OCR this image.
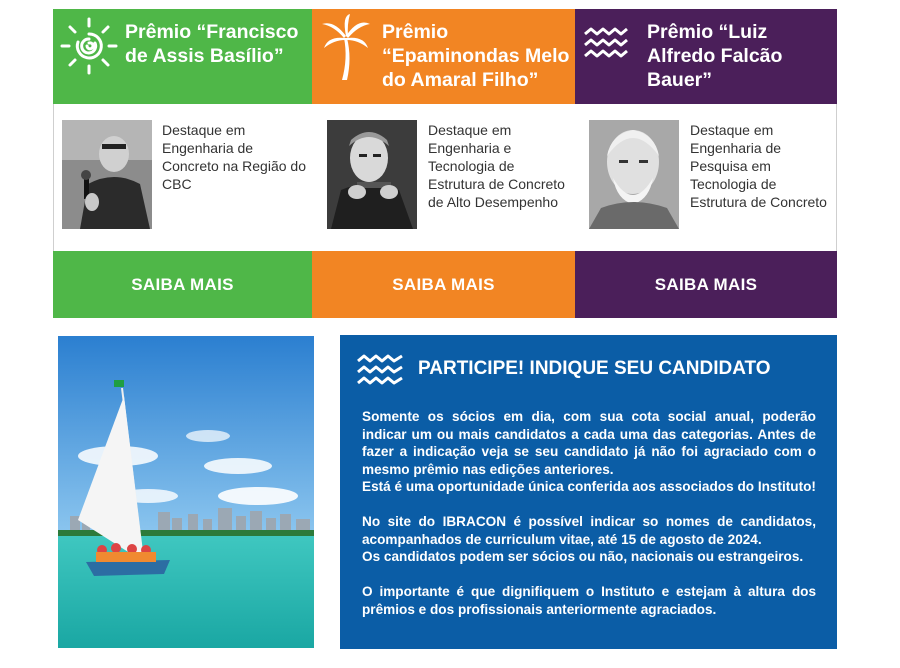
Prêmio “Francisco de Assis Basílio”
Destaque em Engenharia de Concreto na Região do CBC
SAIBA MAIS
Prêmio “Epaminondas Melo do Amaral Filho”
Destaque em Engenharia e Tecnologia de Estrutura de Concreto de Alto Desempenho
SAIBA MAIS
Prêmio “Luiz Alfredo Falcão Bauer”
Destaque em Engenharia de Pesquisa em Tecnologia de Estrutura de Concreto
SAIBA MAIS
PARTICIPE! INDIQUE SEU CANDIDATO

Somente os sócios em dia, com sua cota social anual, poderão indicar um ou mais candidatos a cada uma das categorias. Antes de fazer a indicação veja se seu candidato já não foi agraciado com o mesmo prêmio nas edições anteriores.

Está é uma oportunidade única conferida aos associados do Instituto!

No site do IBRACON é possível indicar so nomes de candidatos, acompanhados de curriculum vitae, até 15 de agosto de 2024.

Os candidatos podem ser sócios ou não, nacionais ou estrangeiros.

O importante é que dignifiquem o Instituto e estejam à altura dos prêmios e dos profissionais anteriormente agraciados.
